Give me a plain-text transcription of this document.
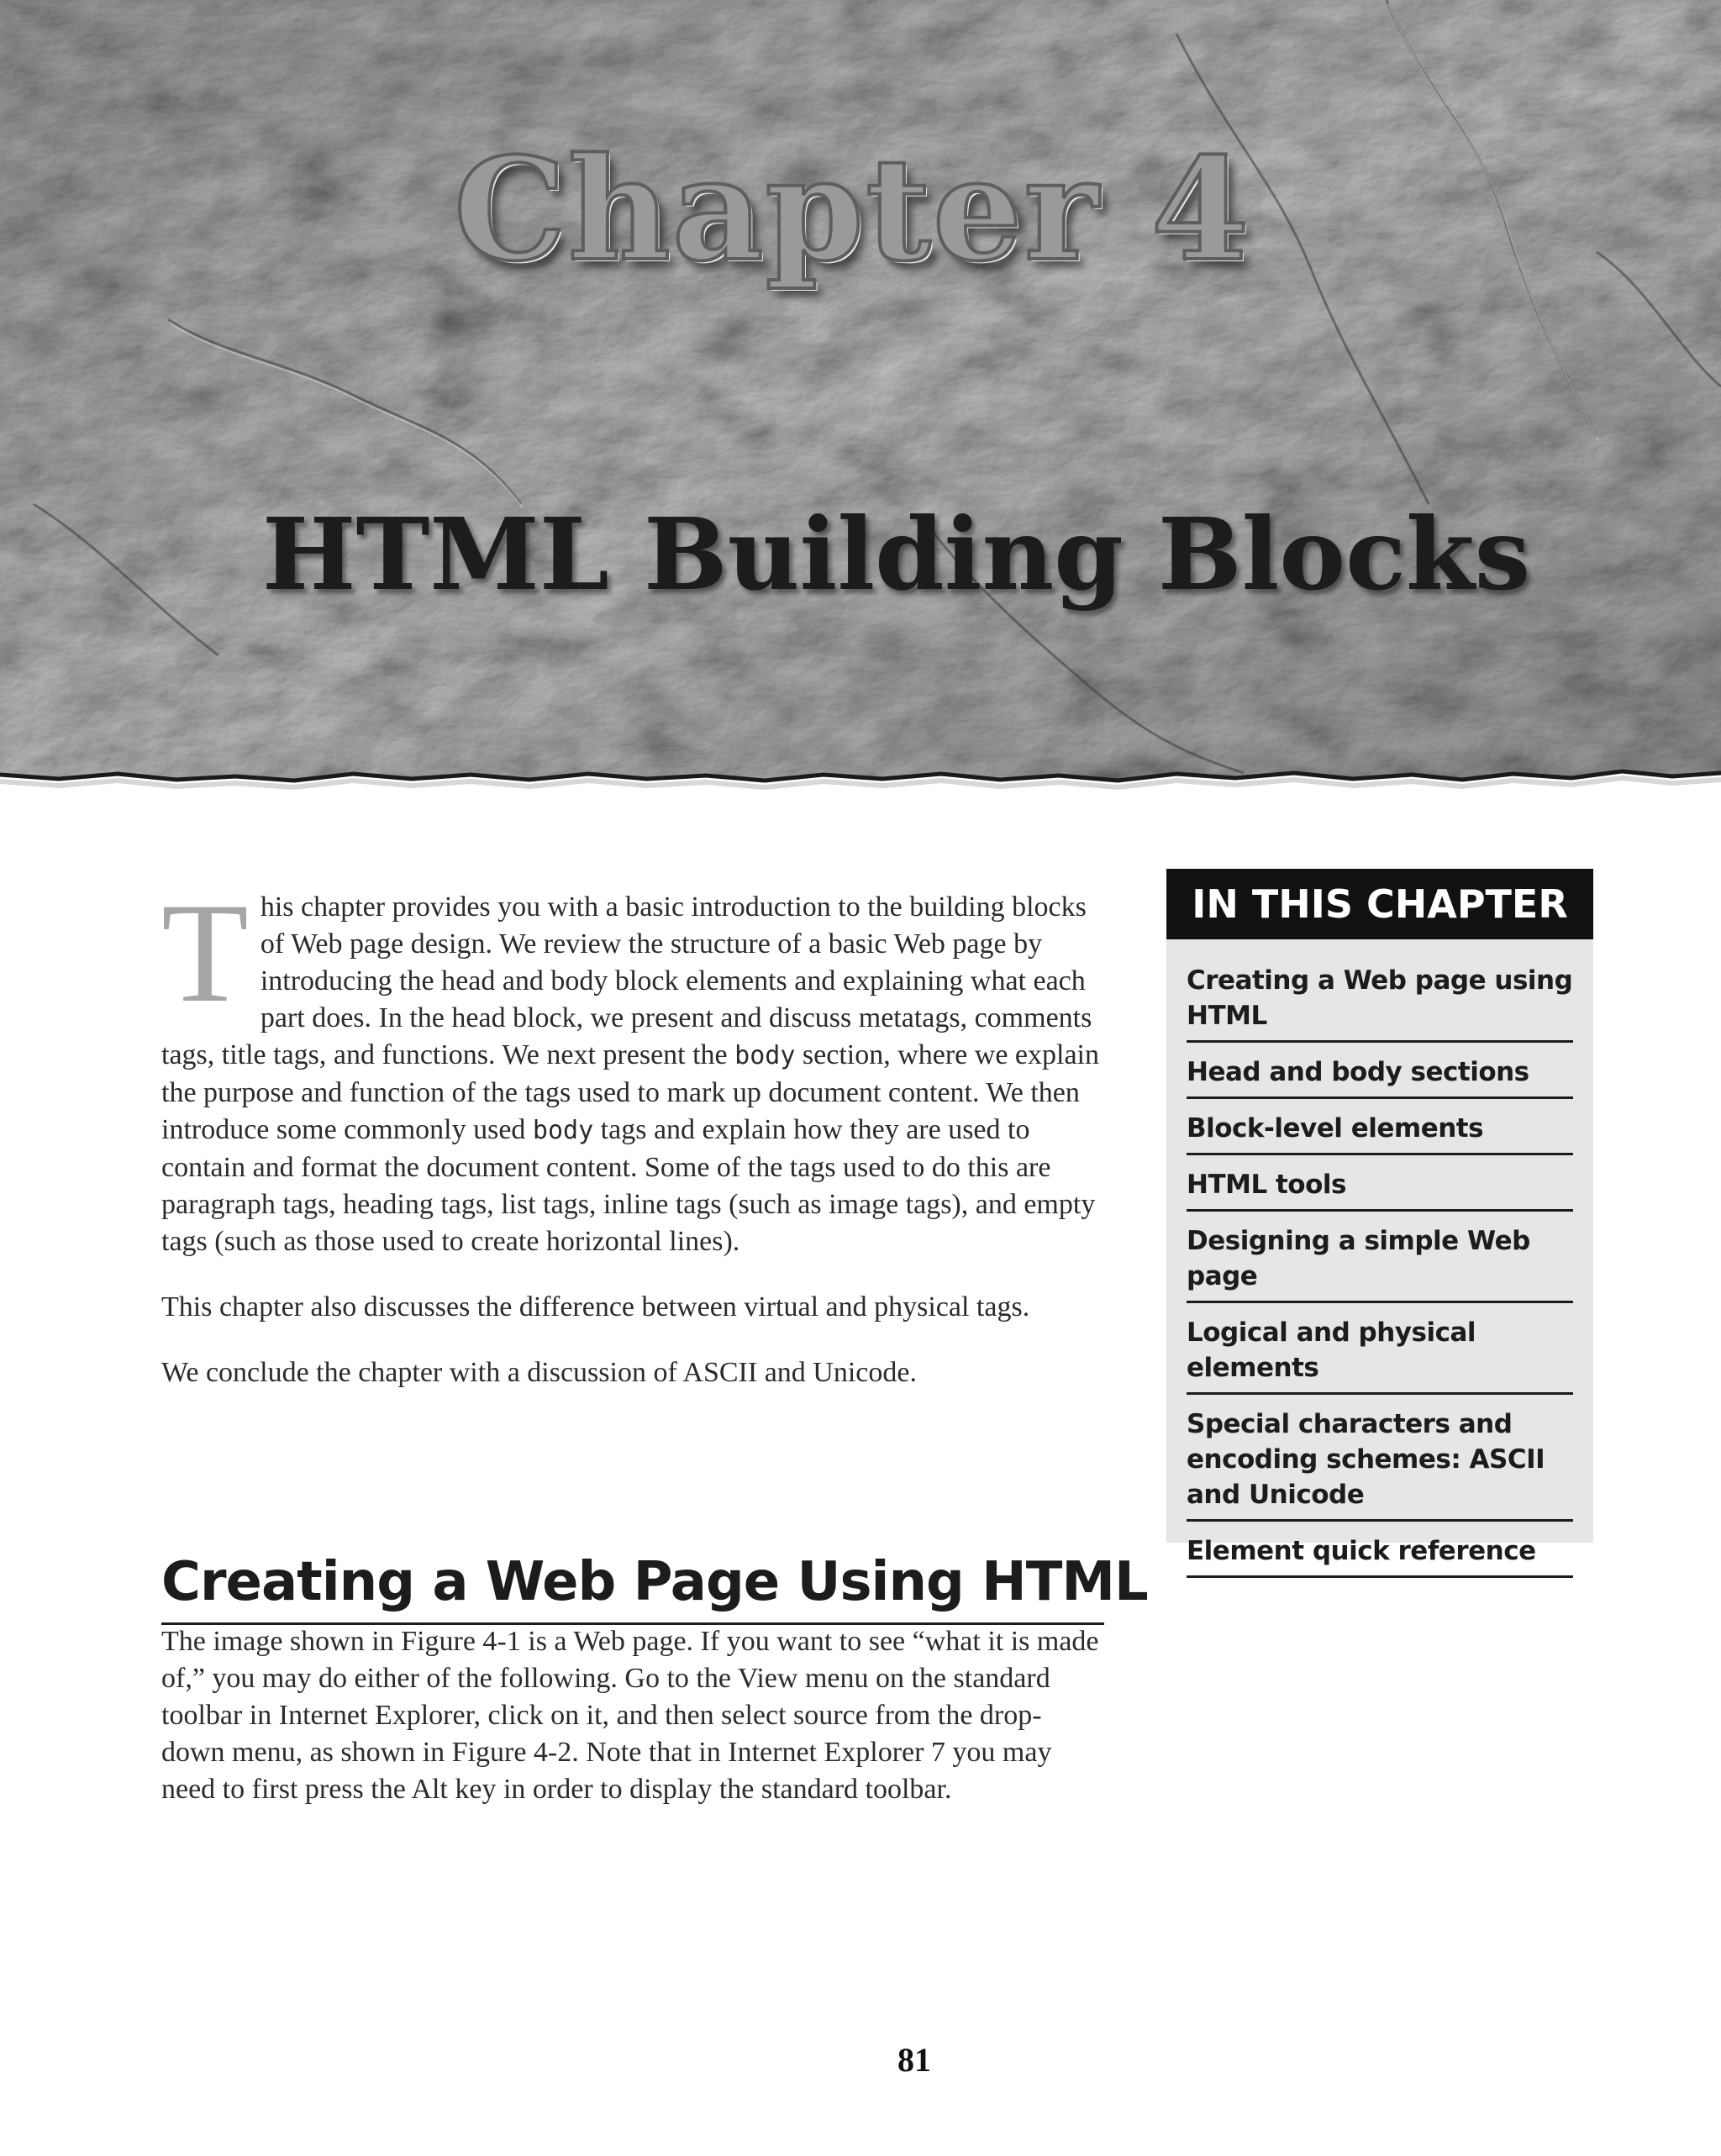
Chapter 4
HTML Building Blocks

This chapter provides you with a basic introduction to the building blocks of Web page design. We review the structure of a basic Web page by introducing the head and body block elements and explaining what each part does. In the head block, we present and discuss metatags, comments tags, title tags, and functions. We next present the body section, where we explain the purpose and function of the tags used to mark up document content. We then introduce some commonly used body tags and explain how they are used to contain and format the document content. Some of the tags used to do this are paragraph tags, heading tags, list tags, inline tags (such as image tags), and empty tags (such as those used to create horizontal lines).

This chapter also discusses the difference between virtual and physical tags.

We conclude the chapter with a discussion of ASCII and Unicode.

Creating a Web Page Using HTML

The image shown in Figure 4-1 is a Web page. If you want to see “what it is made of,” you may do either of the following. Go to the View menu on the standard toolbar in Internet Explorer, click on it, and then select source from the drop-down menu, as shown in Figure 4-2. Note that in Internet Explorer 7 you may need to first press the Alt key in order to display the standard toolbar.

IN THIS CHAPTER
Creating a Web page using HTML
Head and body sections
Block-level elements
HTML tools
Designing a simple Web page
Logical and physical elements
Special characters and encoding schemes: ASCII and Unicode
Element quick reference
81
